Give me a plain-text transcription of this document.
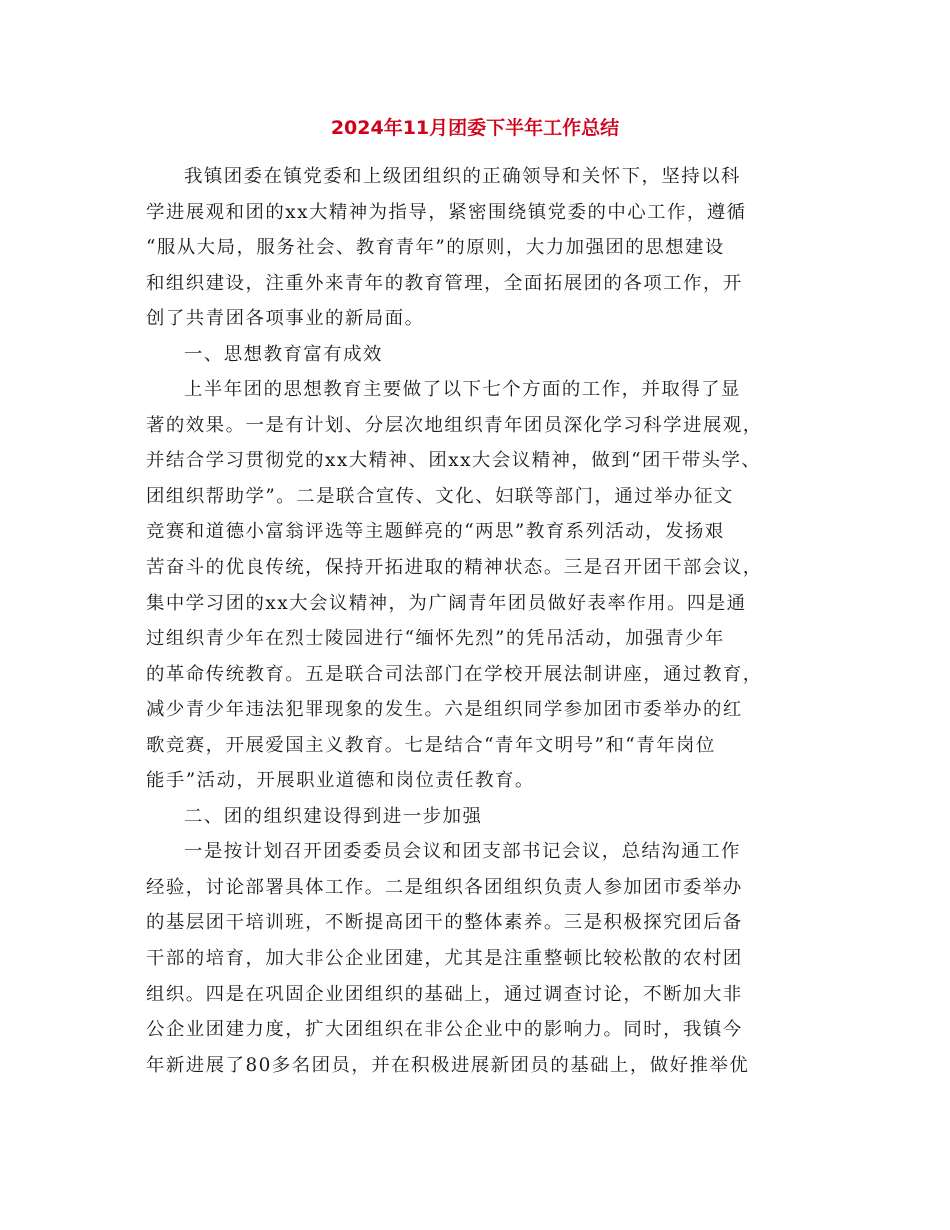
2024年11月团委下半年工作总结
我镇团委在镇党委和上级团组织的正确领导和关怀下，坚持以科
学进展观和团的xx大精神为指导，紧密围绕镇党委的中心工作，遵循
“服从大局，服务社会、教育青年”的原则，大力加强团的思想建设
和组织建设，注重外来青年的教育管理，全面拓展团的各项工作，开
创了共青团各项事业的新局面。
一、思想教育富有成效
上半年团的思想教育主要做了以下七个方面的工作，并取得了显
著的效果。一是有计划、分层次地组织青年团员深化学习科学进展观，
并结合学习贯彻党的xx大精神、团xx大会议精神，做到“团干带头学、
团组织帮助学”。二是联合宣传、文化、妇联等部门，通过举办征文
竞赛和道德小富翁评选等主题鲜亮的“两思”教育系列活动，发扬艰
苦奋斗的优良传统，保持开拓进取的精神状态。三是召开团干部会议，
集中学习团的xx大会议精神，为广阔青年团员做好表率作用。四是通
过组织青少年在烈士陵园进行“缅怀先烈”的凭吊活动，加强青少年
的革命传统教育。五是联合司法部门在学校开展法制讲座，通过教育，
减少青少年违法犯罪现象的发生。六是组织同学参加团市委举办的红
歌竞赛，开展爱国主义教育。七是结合“青年文明号”和“青年岗位
能手”活动，开展职业道德和岗位责任教育。
二、团的组织建设得到进一步加强
一是按计划召开团委委员会议和团支部书记会议，总结沟通工作
经验，讨论部署具体工作。二是组织各团组织负责人参加团市委举办
的基层团干培训班，不断提高团干的整体素养。三是积极探究团后备
干部的培育，加大非公企业团建，尤其是注重整顿比较松散的农村团
组织。四是在巩固企业团组织的基础上，通过调查讨论，不断加大非
公企业团建力度，扩大团组织在非公企业中的影响力。同时，我镇今
年新进展了80多名团员，并在积极进展新团员的基础上，做好推举优
